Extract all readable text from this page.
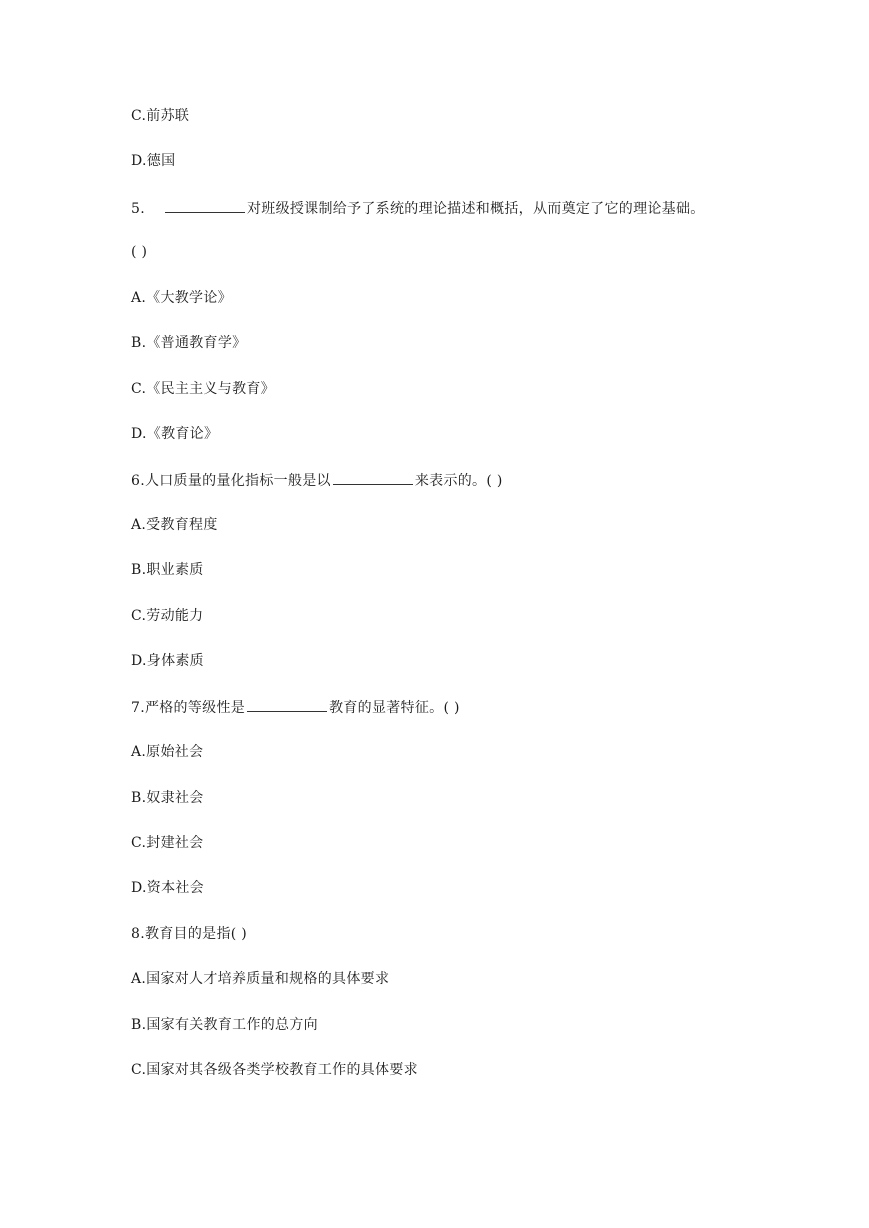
C.前苏联
D.德国
5.	对班级授课制给予了系统的理论描述和概括，从而奠定了它的理论基础。
( )
A.《大教学论》
B.《普通教育学》
C.《民主主义与教育》
D.《教育论》
6.人口质量的量化指标一般是以	来表示的。( )
A.受教育程度
B.职业素质
C.劳动能力
D.身体素质
7.严格的等级性是	教育的显著特征。( )
A.原始社会
B.奴隶社会
C.封建社会
D.资本社会
8.教育目的是指( )
A.国家对人才培养质量和规格的具体要求
B.国家有关教育工作的总方向
C.国家对其各级各类学校教育工作的具体要求
